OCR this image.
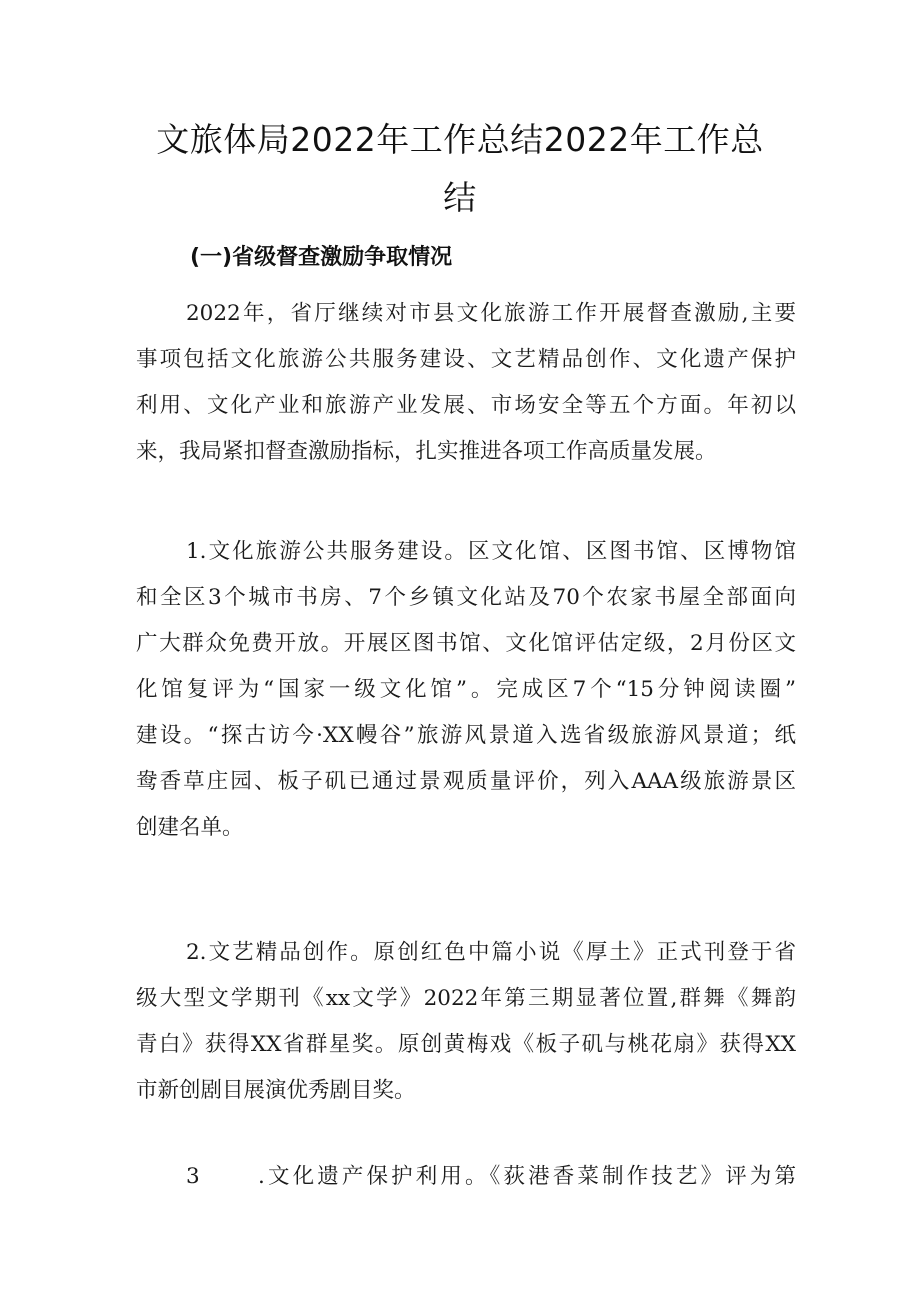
文旅体局2022年工作总结2022年工作总
结
(一)省级督查激励争取情况
2022年，省厅继续对市县文化旅游工作开展督查激励,主要
事项包括文化旅游公共服务建设、文艺精品创作、文化遗产保护
利用、文化产业和旅游产业发展、市场安全等五个方面。年初以
来，我局紧扣督查激励指标，扎实推进各项工作高质量发展。
1.文化旅游公共服务建设。区文化馆、区图书馆、区博物馆
和全区3个城市书房、7个乡镇文化站及70个农家书屋全部面向
广大群众免费开放。开展区图书馆、文化馆评估定级，2月份区文
化馆复评为“国家一级文化馆”。完成区7个“15分钟阅读圈”
建设。“探古访今·XX幔谷”旅游风景道入选省级旅游风景道；纸
鸯香草庄园、板子矶已通过景观质量评价，列入AAA级旅游景区
创建名单。
2.文艺精品创作。原创红色中篇小说《厚土》正式刊登于省
级大型文学期刊《xx文学》2022年第三期显著位置,群舞《舞韵
青白》获得XX省群星奖。原创黄梅戏《板子矶与桃花扇》获得XX
市新创剧目展演优秀剧目奖。
3	.文化遗产保护利用。《荻港香菜制作技艺》评为第
